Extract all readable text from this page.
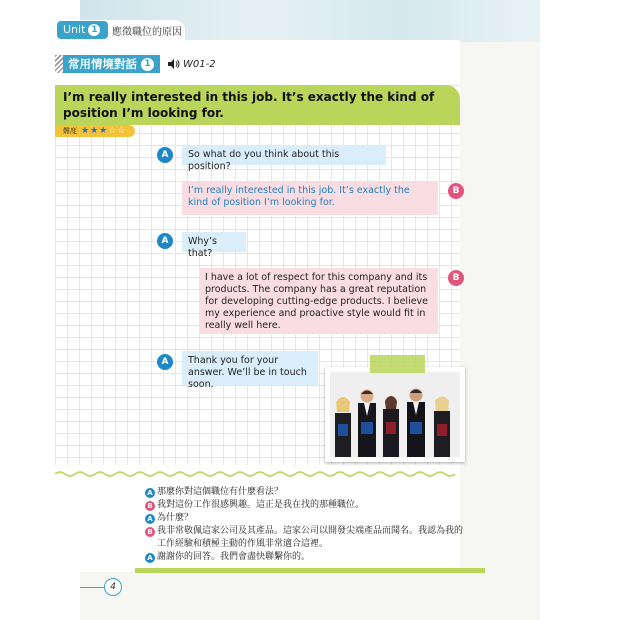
Unit 1 應徵職位的原因
常用情境對話 1	W01-2
I’m really interested in this job. It’s exactly the kind of position I’m looking for.
難度 ★ ★ ★ ☆ ☆
A	So what do you think about this position?
I’m really interested in this job. It’s exactly the kind of position I’m looking for.
B
A	Why’s that?
I have a lot of respect for this company and its products. The company has a great reputation for developing cutting-edge products. I believe my experience and proactive style would fit in really well here.
B
A	Thank you for your answer. We’ll be in touch soon.
A 那麼你對這個職位有什麼看法？
B 我對這份工作很感興趣。這正是我在找的那種職位。
A 為什麼？
B 我非常敬佩這家公司及其產品。這家公司以開發尖端產品而聞名。我認為我的
工作經驗和積極主動的作風非常適合這裡。
A 謝謝你的回答。我們會盡快聯繫你的。
4
